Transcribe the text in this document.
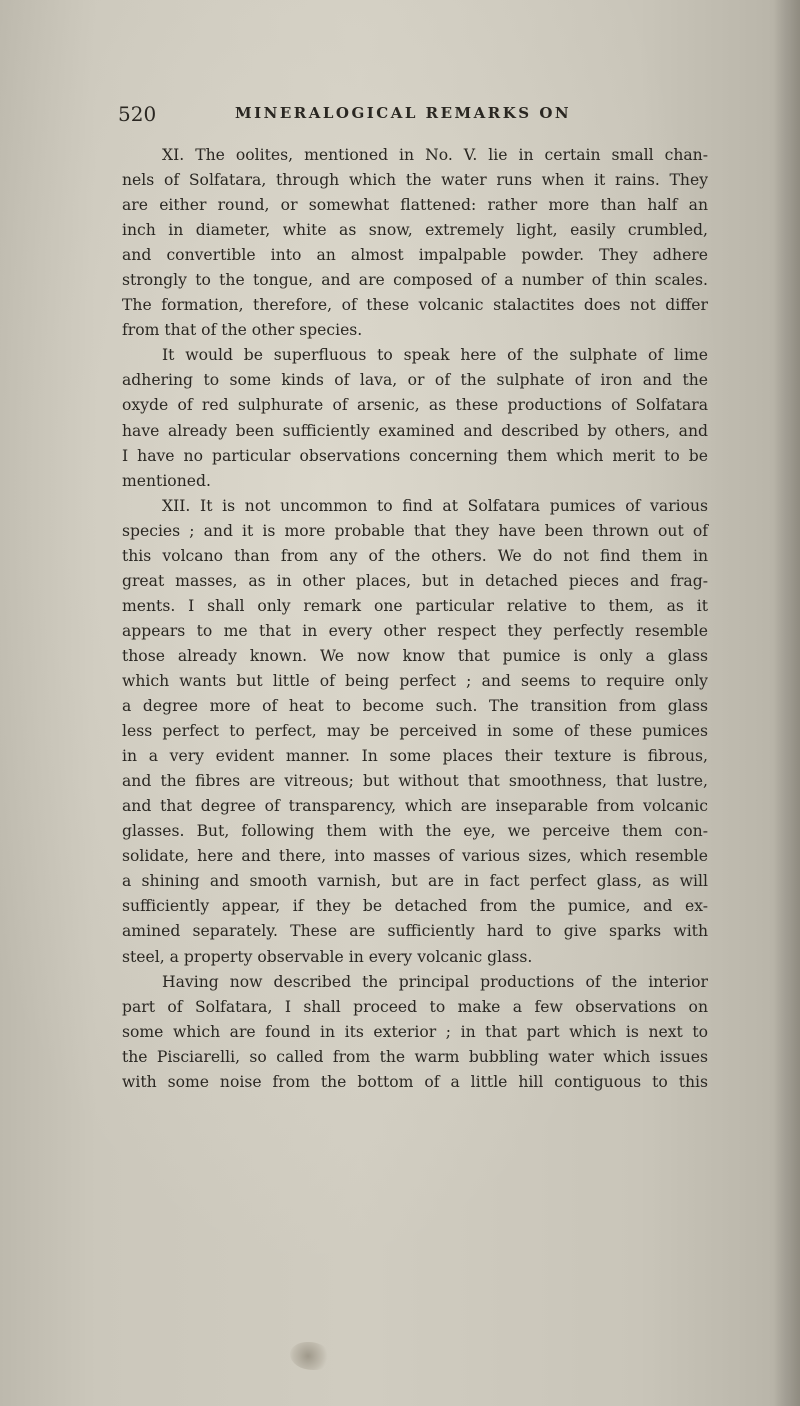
520	MINERALOGICAL REMARKS ON
XI. The oolites, mentioned in No. V. lie in certain small chan-
nels of Solfatara, through which the water runs when it rains. They
are either round, or somewhat flattened: rather more than half an
inch in diameter, white as snow, extremely light, easily crumbled,
and convertible into an almost impalpable powder. They adhere
strongly to the tongue, and are composed of a number of thin scales.
The formation, therefore, of these volcanic stalactites does not differ
from that of the other species.
It would be superfluous to speak here of the sulphate of lime
adhering to some kinds of lava, or of the sulphate of iron and the
oxyde of red sulphurate of arsenic, as these productions of Solfatara
have already been sufficiently examined and described by others, and
I have no particular observations concerning them which merit to be
mentioned.
XII. It is not uncommon to find at Solfatara pumices of various
species ; and it is more probable that they have been thrown out of
this volcano than from any of the others. We do not find them in
great masses, as in other places, but in detached pieces and frag-
ments. I shall only remark one particular relative to them, as it
appears to me that in every other respect they perfectly resemble
those already known. We now know that pumice is only a glass
which wants but little of being perfect ; and seems to require only
a degree more of heat to become such. The transition from glass
less perfect to perfect, may be perceived in some of these pumices
in a very evident manner. In some places their texture is fibrous,
and the fibres are vitreous; but without that smoothness, that lustre,
and that degree of transparency, which are inseparable from volcanic
glasses. But, following them with the eye, we perceive them con-
solidate, here and there, into masses of various sizes, which resemble
a shining and smooth varnish, but are in fact perfect glass, as will
sufficiently appear, if they be detached from the pumice, and ex-
amined separately. These are sufficiently hard to give sparks with
steel, a property observable in every volcanic glass.
Having now described the principal productions of the interior
part of Solfatara, I shall proceed to make a few observations on
some which are found in its exterior ; in that part which is next to
the Pisciarelli, so called from the warm bubbling water which issues
with some noise from the bottom of a little hill contiguous to this
